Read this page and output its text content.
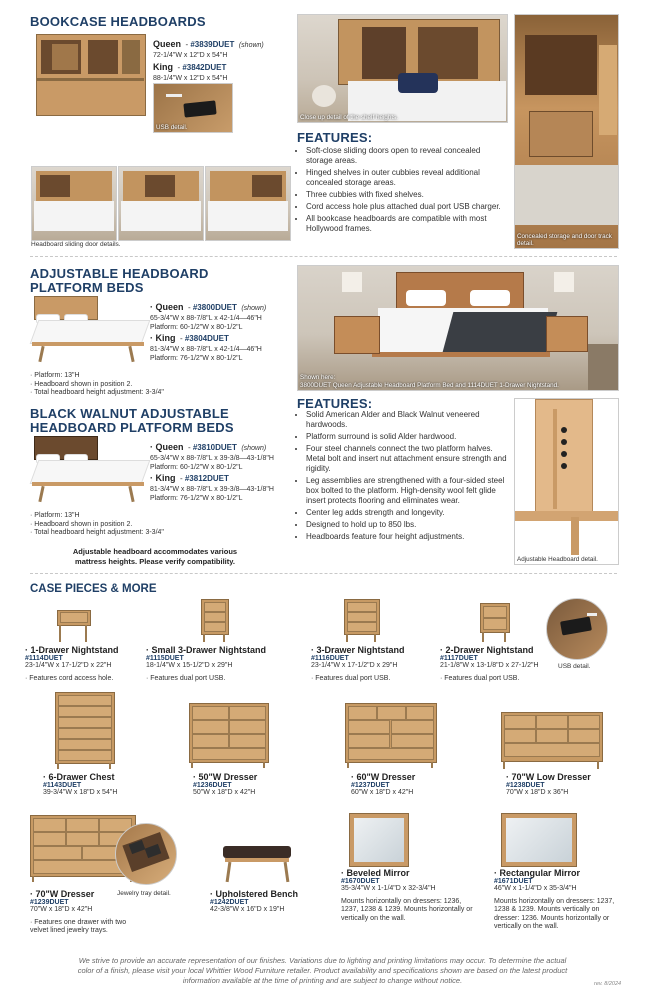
BOOKCASE HEADBOARDS
Queen - #3839DUET (shown)
72-1/4"W x 12"D x 54"H
King - #3842DUET
88-1/4"W x 12"D x 54"H
USB detail.
Close up detail of the shelf heights.
Concealed storage and door track detail.
Headboard sliding door details.
FEATURES:
• Soft-close sliding doors open to reveal concealed storage areas.
• Hinged shelves in outer cubbies reveal additional concealed storage areas.
• Three cubbies with fixed shelves.
• Cord access hole plus attached dual port USB charger.
• All bookcase headboards are compatible with most Hollywood frames.
ADJUSTABLE HEADBOARD
PLATFORM BEDS
· Queen - #3800DUET (shown)
65-3/4"W x 88-7/8"L x 42-1/4—46"H
Platform: 60-1/2"W x 80-1/2"L
· King - #3804DUET
81-3/4"W x 88-7/8"L x 42-1/4—46"H
Platform: 76-1/2"W x 80-1/2"L
· Platform: 13"H
· Headboard shown in position 2.
· Total headboard height adjustment: 3-3/4"
Shown here:
3800DUET Queen Adjustable Headboard Platform Bed and 1114DUET 1-Drawer Nightstand.
BLACK WALNUT ADJUSTABLE
HEADBOARD PLATFORM BEDS
· Queen - #3810DUET (shown)
65-3/4"W x 88-7/8"L x 39-3/8—43-1/8"H
Platform: 60-1/2"W x 80-1/2"L
· King - #3812DUET
81-3/4"W x 88-7/8"L x 39-3/8—43-1/8"H
Platform: 76-1/2"W x 80-1/2"L
· Platform: 13"H
· Headboard shown in position 2.
· Total headboard height adjustment: 3-3/4"
Adjustable headboard accommodates various
mattress heights. Please verify compatibility.
FEATURES:
• Solid American Alder and Black Walnut veneered hardwoods.
• Platform surround is solid Alder hardwood.
• Four steel channels connect the two platform halves. Metal bolt and insert nut attachment ensure strength and rigidity.
• Leg assemblies are strengthened with a four-sided steel box bolted to the platform. High-density wool felt glide insert protects flooring and eliminates wear.
• Center leg adds strength and longevity.
• Designed to hold up to 850 lbs.
• Headboards feature four height adjustments.
Adjustable Headboard detail.
CASE PIECES & MORE
USB detail.
· 1-Drawer Nightstand
#1114DUET
23-1/4"W x 17-1/2"D x 22"H
· Features cord access hole.
· Small 3-Drawer Nightstand
#1115DUET
18-1/4"W x 15-1/2"D x 29"H
· Features dual port USB.
· 3-Drawer Nightstand
#1116DUET
23-1/4"W x 17-1/2"D x 29"H
· Features dual port USB.
· 2-Drawer Nightstand
#1117DUET
21-1/8"W x 13-1/8"D x 27-1/2"H
· Features dual port USB.
· 6-Drawer Chest
#1143DUET
39-3/4"W x 18"D x 54"H
· 50"W Dresser
#1236DUET
50"W x 18"D x 42"H
· 60"W Dresser
#1237DUET
60"W x 18"D x 42"H
· 70"W Low Dresser
#1238DUET
70"W x 18"D x 36"H
Jewelry tray detail.
· 70"W Dresser
#1239DUET
70"W x 18"D x 42"H
· Features one drawer with two velvet lined jewelry trays.
· Upholstered Bench
#1242DUET
42-3/8"W x 16"D x 19"H
· Beveled Mirror
#1670DUET
35-3/4"W x 1-1/4"D x 32-3/4"H
Mounts horizontally on dressers: 1236, 1237, 1238 & 1239. Mounts horizontally or vertically on the wall.
· Rectangular Mirror
#1671DUET
46"W x 1-1/4"D x 35-3/4"H
Mounts horizontally on dressers: 1237, 1238 & 1239. Mounts vertically on dresser: 1236. Mounts horizontally or vertically on the wall.
We strive to provide an accurate representation of our finishes. Variations due to lighting and printing limitations may occur. To determine the actual color of a finish, please visit your local Whittier Wood Furniture retailer. Product availability and specifications shown are based on the latest product information available at the time of printing and are subject to change without notice.	rev. 8/2024
